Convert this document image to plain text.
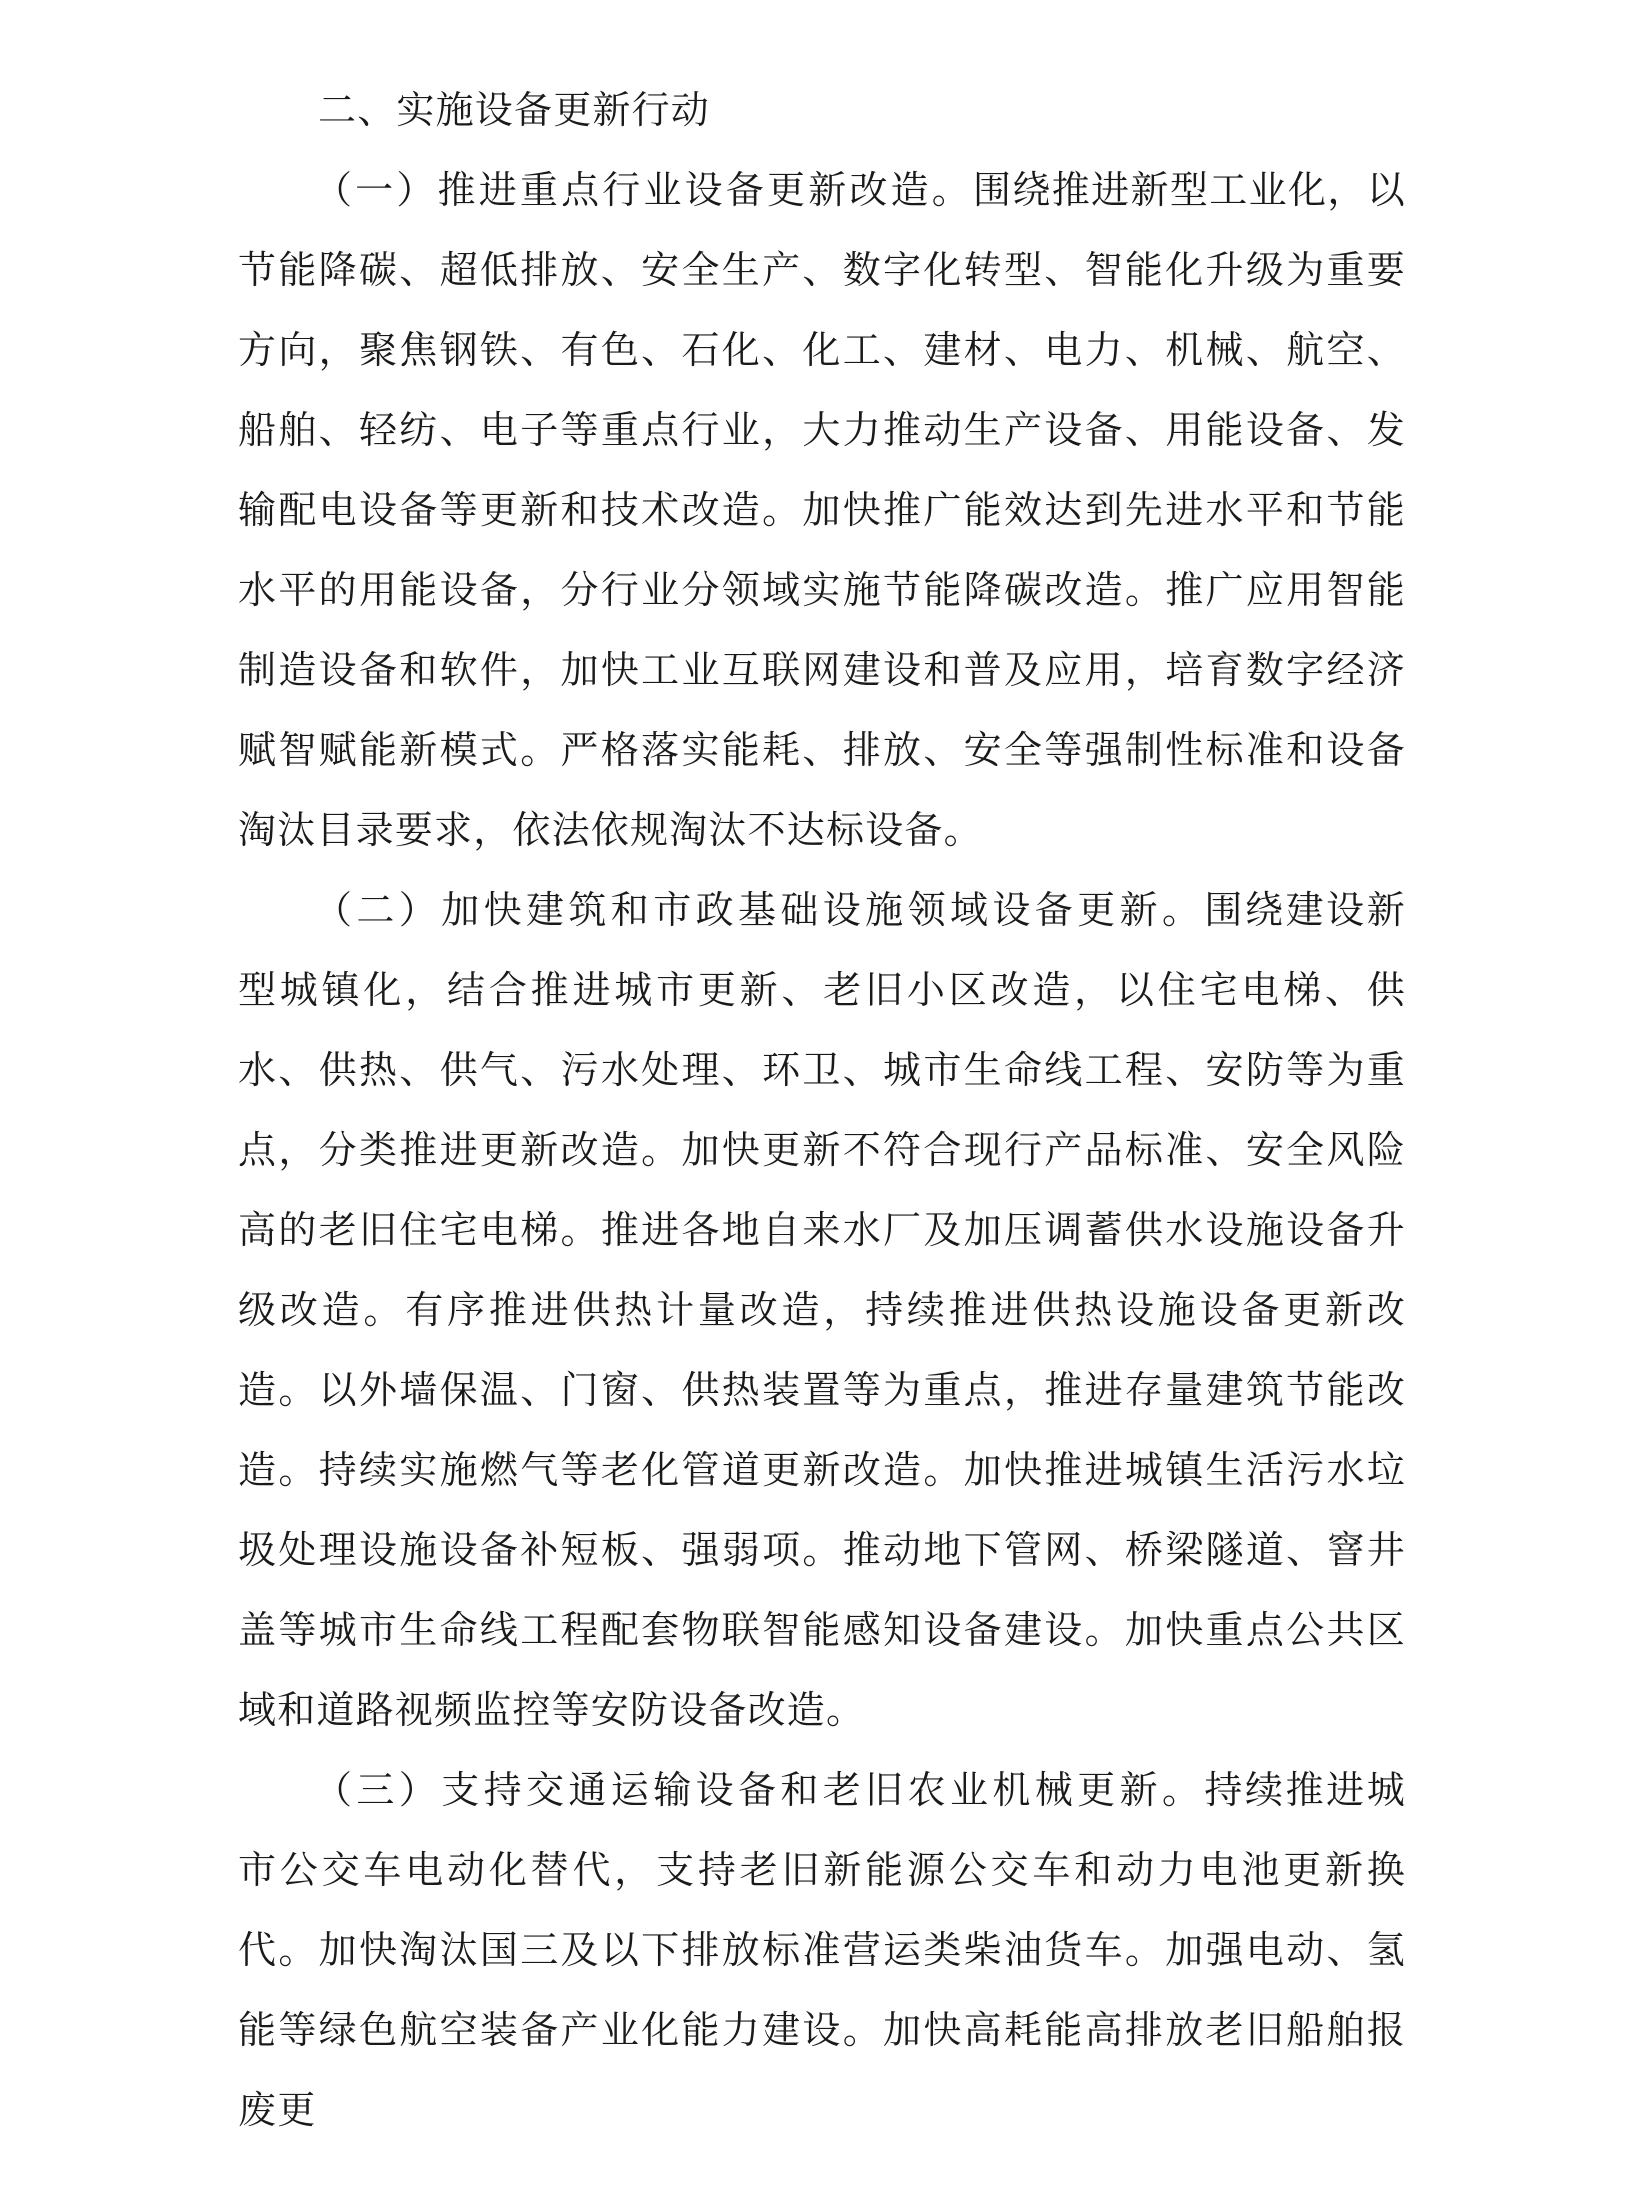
二、实施设备更新行动

（一）推进重点行业设备更新改造。围绕推进新型工业化，以节能降碳、超低排放、安全生产、数字化转型、智能化升级为重要方向，聚焦钢铁、有色、石化、化工、建材、电力、机械、航空、船舶、轻纺、电子等重点行业，大力推动生产设备、用能设备、发输配电设备等更新和技术改造。加快推广能效达到先进水平和节能水平的用能设备，分行业分领域实施节能降碳改造。推广应用智能制造设备和软件，加快工业互联网建设和普及应用，培育数字经济赋智赋能新模式。严格落实能耗、排放、安全等强制性标准和设备淘汰目录要求，依法依规淘汰不达标设备。

（二）加快建筑和市政基础设施领域设备更新。围绕建设新型城镇化，结合推进城市更新、老旧小区改造，以住宅电梯、供水、供热、供气、污水处理、环卫、城市生命线工程、安防等为重点，分类推进更新改造。加快更新不符合现行产品标准、安全风险高的老旧住宅电梯。推进各地自来水厂及加压调蓄供水设施设备升级改造。有序推进供热计量改造，持续推进供热设施设备更新改造。以外墙保温、门窗、供热装置等为重点，推进存量建筑节能改造。持续实施燃气等老化管道更新改造。加快推进城镇生活污水垃圾处理设施设备补短板、强弱项。推动地下管网、桥梁隧道、窨井盖等城市生命线工程配套物联智能感知设备建设。加快重点公共区域和道路视频监控等安防设备改造。

（三）支持交通运输设备和老旧农业机械更新。持续推进城市公交车电动化替代，支持老旧新能源公交车和动力电池更新换代。加快淘汰国三及以下排放标准营运类柴油货车。加强电动、氢能等绿色航空装备产业化能力建设。加快高耗能高排放老旧船舶报废更
